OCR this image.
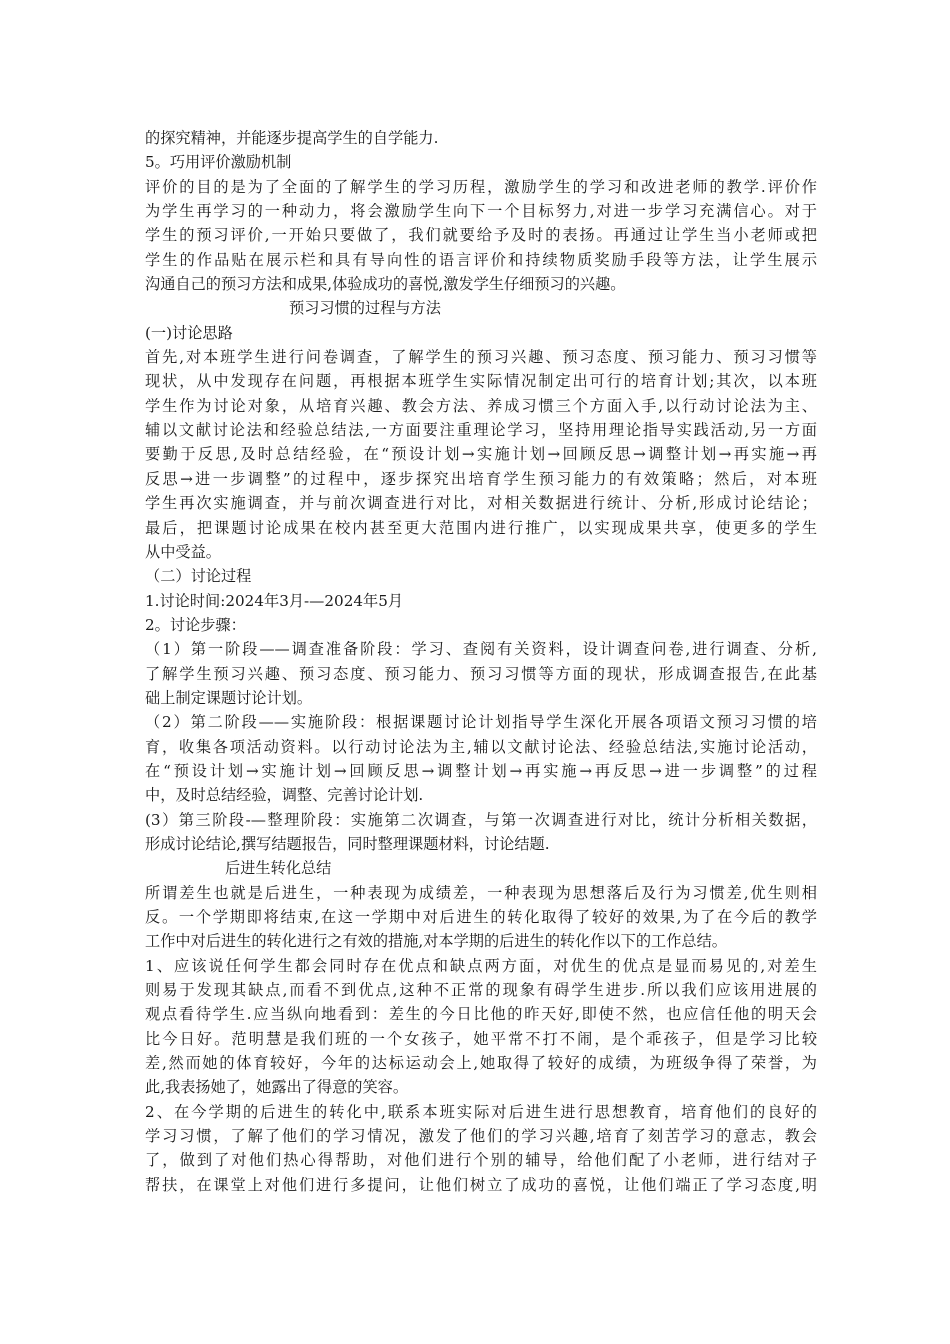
的探究精神，并能逐步提高学生的自学能力.
5。巧用评价激励机制
评价的目的是为了全面的了解学生的学习历程，激励学生的学习和改进老师的教学.评价作
为学生再学习的一种动力，将会激励学生向下一个目标努力,对进一步学习充满信心。对于
学生的预习评价,一开始只要做了，我们就要给予及时的表扬。再通过让学生当小老师或把
学生的作品贴在展示栏和具有导向性的语言评价和持续物质奖励手段等方法，让学生展示
沟通自己的预习方法和成果,体验成功的喜悦,激发学生仔细预习的兴趣。
预习习惯的过程与方法
(一)讨论思路
首先,对本班学生进行问卷调查，了解学生的预习兴趣、预习态度、预习能力、预习习惯等
现状，从中发现存在问题，再根据本班学生实际情况制定出可行的培育计划;其次，以本班
学生作为讨论对象，从培育兴趣、教会方法、养成习惯三个方面入手,以行动讨论法为主、
辅以文献讨论法和经验总结法,一方面要注重理论学习，坚持用理论指导实践活动,另一方面
要勤于反思,及时总结经验，在“预设计划→实施计划→回顾反思→调整计划→再实施→再
反思→进一步调整”的过程中，逐步探究出培育学生预习能力的有效策略；然后，对本班
学生再次实施调查，并与前次调查进行对比，对相关数据进行统计、分析,形成讨论结论；
最后，把课题讨论成果在校内甚至更大范围内进行推广，以实现成果共享，使更多的学生
从中受益。
（二）讨论过程
1.讨论时间:2024年3月-—2024年5月
2。讨论步骤：
（1）第一阶段——调查准备阶段：学习、查阅有关资料，设计调查问卷,进行调查、分析,
了解学生预习兴趣、预习态度、预习能力、预习习惯等方面的现状，形成调查报告,在此基
础上制定课题讨论计划。
（2）第二阶段——实施阶段：根据课题讨论计划指导学生深化开展各项语文预习习惯的培
育，收集各项活动资料。以行动讨论法为主,辅以文献讨论法、经验总结法,实施讨论活动，
在“预设计划→实施计划→回顾反思→调整计划→再实施→再反思→进一步调整”的过程
中，及时总结经验，调整、完善讨论计划.
(3）第三阶段-—整理阶段：实施第二次调查，与第一次调查进行对比，统计分析相关数据，
形成讨论结论,撰写结题报告，同时整理课题材料，讨论结题.
后进生转化总结
所谓差生也就是后进生，一种表现为成绩差，一种表现为思想落后及行为习惯差,优生则相
反。一个学期即将结束,在这一学期中对后进生的转化取得了较好的效果,为了在今后的教学
工作中对后进生的转化进行之有效的措施,对本学期的后进生的转化作以下的工作总结。
1、应该说任何学生都会同时存在优点和缺点两方面，对优生的优点是显而易见的,对差生
则易于发现其缺点,而看不到优点,这种不正常的现象有碍学生进步.所以我们应该用进展的
观点看待学生.应当纵向地看到：差生的今日比他的昨天好,即使不然，也应信任他的明天会
比今日好。范明慧是我们班的一个女孩子，她平常不打不闹，是个乖孩子，但是学习比较
差,然而她的体育较好，今年的达标运动会上,她取得了较好的成绩，为班级争得了荣誉，为
此,我表扬她了，她露出了得意的笑容。
2、在今学期的后进生的转化中,联系本班实际对后进生进行思想教育，培育他们的良好的
学习习惯，了解了他们的学习情况，激发了他们的学习兴趣,培育了刻苦学习的意志，教会
了，做到了对他们热心得帮助，对他们进行个别的辅导，给他们配了小老师，进行结对子
帮扶，在课堂上对他们进行多提问，让他们树立了成功的喜悦，让他们端正了学习态度,明
